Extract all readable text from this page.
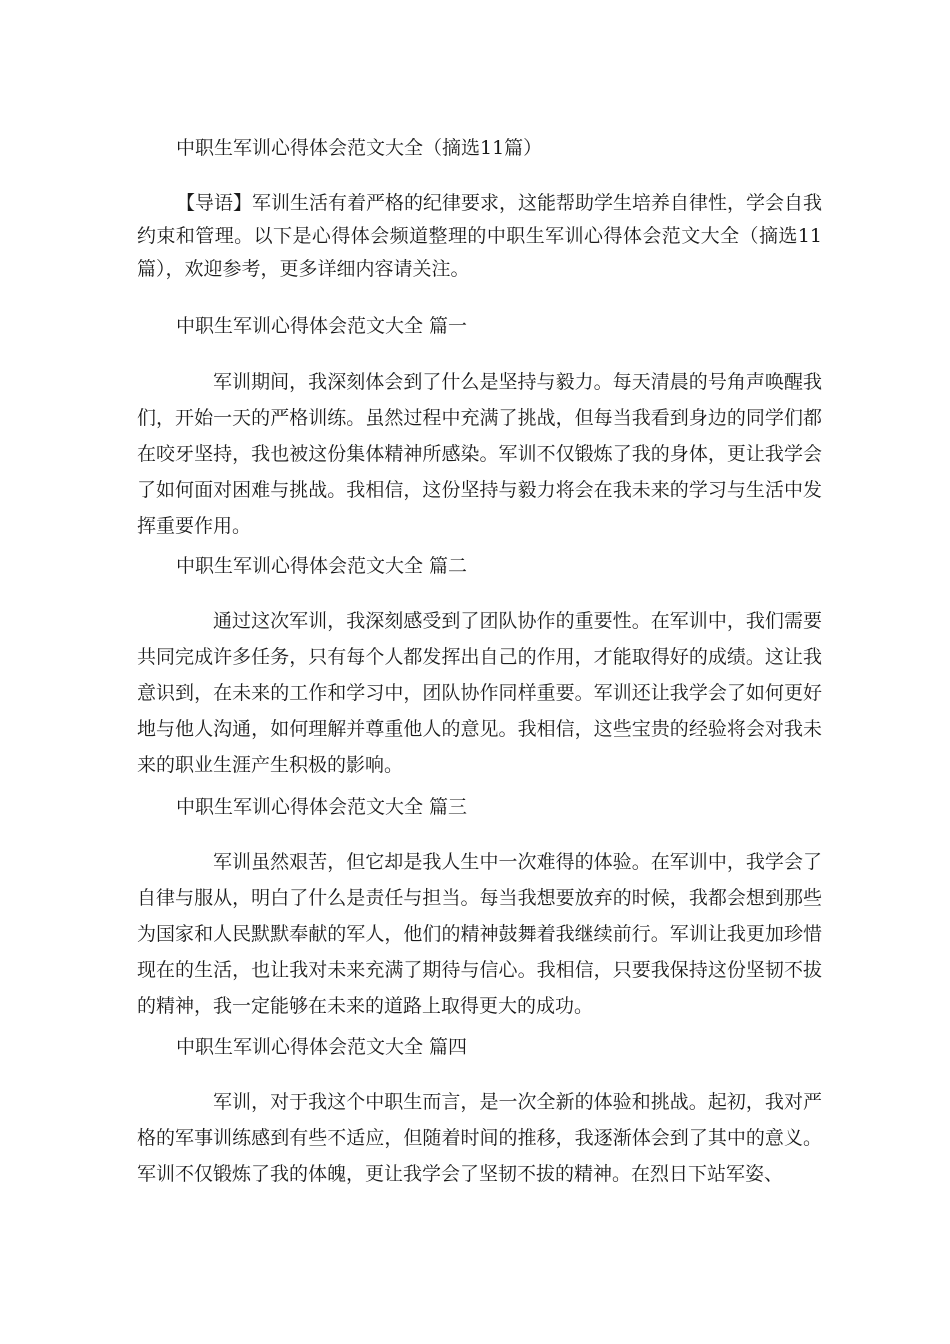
中职生军训心得体会范文大全（摘选11篇）
【导语】军训生活有着严格的纪律要求，这能帮助学生培养自律性，学会自我约束和管理。以下是心得体会频道整理的中职生军训心得体会范文大全（摘选11篇），欢迎参考，更多详细内容请关注。
中职生军训心得体会范文大全 篇一
军训期间，我深刻体会到了什么是坚持与毅力。每天清晨的号角声唤醒我们，开始一天的严格训练。虽然过程中充满了挑战，但每当我看到身边的同学们都在咬牙坚持，我也被这份集体精神所感染。军训不仅锻炼了我的身体，更让我学会了如何面对困难与挑战。我相信，这份坚持与毅力将会在我未来的学习与生活中发挥重要作用。
中职生军训心得体会范文大全 篇二
通过这次军训，我深刻感受到了团队协作的重要性。在军训中，我们需要共同完成许多任务，只有每个人都发挥出自己的作用，才能取得好的成绩。这让我意识到，在未来的工作和学习中，团队协作同样重要。军训还让我学会了如何更好地与他人沟通，如何理解并尊重他人的意见。我相信，这些宝贵的经验将会对我未来的职业生涯产生积极的影响。
中职生军训心得体会范文大全 篇三
军训虽然艰苦，但它却是我人生中一次难得的体验。在军训中，我学会了自律与服从，明白了什么是责任与担当。每当我想要放弃的时候，我都会想到那些为国家和人民默默奉献的军人，他们的精神鼓舞着我继续前行。军训让我更加珍惜现在的生活，也让我对未来充满了期待与信心。我相信，只要我保持这份坚韧不拔的精神，我一定能够在未来的道路上取得更大的成功。
中职生军训心得体会范文大全 篇四
军训，对于我这个中职生而言，是一次全新的体验和挑战。起初，我对严格的军事训练感到有些不适应，但随着时间的推移，我逐渐体会到了其中的意义。军训不仅锻炼了我的体魄，更让我学会了坚韧不拔的精神。在烈日下站军姿、
